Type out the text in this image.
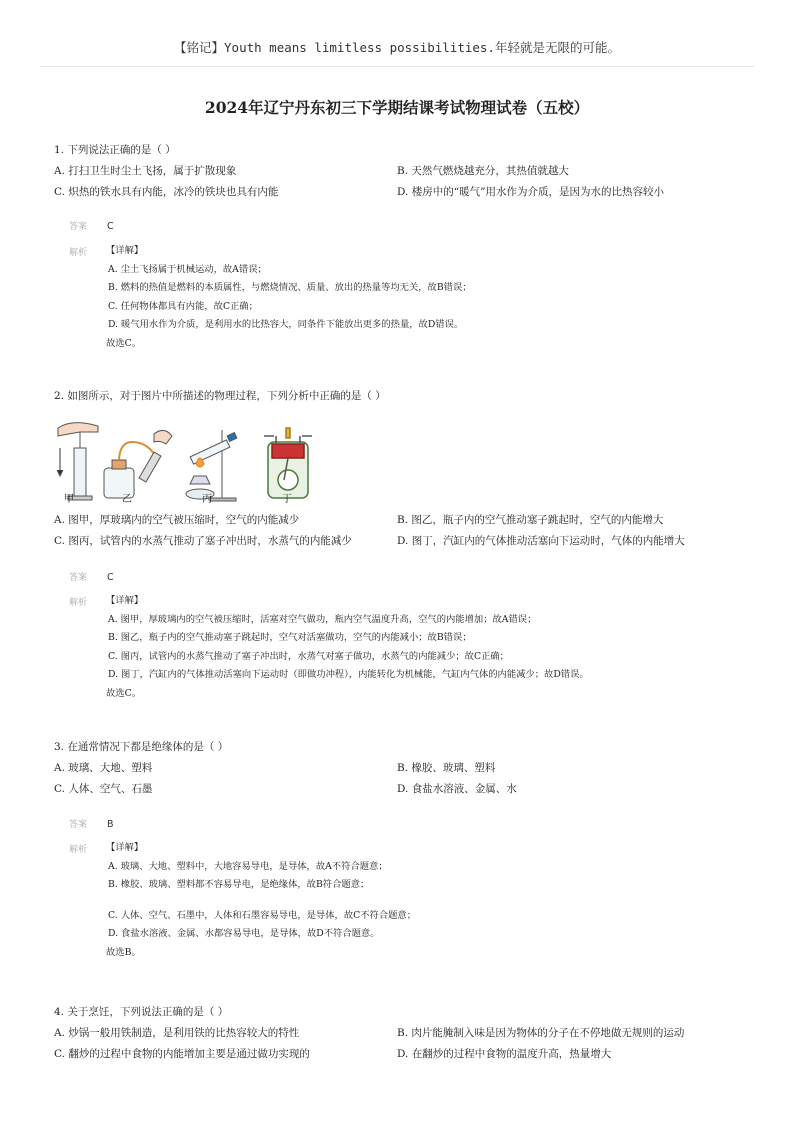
【铭记】Youth means limitless possibilities.年轻就是无限的可能。
2024年辽宁丹东初三下学期结课考试物理试卷（五校）
1. 下列说法正确的是（ ）
A. 打扫卫生时尘土飞扬，属于扩散现象	B. 天然气燃烧越充分，其热值就越大
C. 炽热的铁水具有内能，冰冷的铁块也具有内能	D. 楼房中的“暖气”用水作为介质，是因为水的比热容较小
答案 C
解析 【详解】
A. 尘土飞扬属于机械运动，故A错误；
B. 燃料的热值是燃料的本质属性，与燃烧情况、质量、放出的热量等均无关，故B错误；
C. 任何物体都具有内能，故C正确；
D. 暖气用水作为介质，是利用水的比热容大，同条件下能放出更多的热量，故D错误。
故选C。
2. 如图所示，对于图片中所描述的物理过程，下列分析中正确的是（ ）
甲	乙	丙	丁
A. 图甲，厚玻璃内的空气被压缩时，空气的内能减少	B. 图乙，瓶子内的空气推动塞子跳起时，空气的内能增大
C. 图丙，试管内的水蒸气推动了塞子冲出时，水蒸气的内能减少	D. 图丁，汽缸内的气体推动活塞向下运动时，气体的内能增大
答案 C
解析 【详解】
A. 图甲，厚玻璃内的空气被压缩时，活塞对空气做功，瓶内空气温度升高，空气的内能增加；故A错误；
B. 图乙，瓶子内的空气推动塞子跳起时，空气对活塞做功，空气的内能减小；故B错误；
C. 图丙，试管内的水蒸气推动了塞子冲出时，水蒸气对塞子做功，水蒸气的内能减少；故C正确；
D. 图丁，汽缸内的气体推动活塞向下运动时（即做功冲程），内能转化为机械能，气缸内气体的内能减少；故D错误。
故选C。
3. 在通常情况下都是绝缘体的是（ ）
A. 玻璃、大地、塑料	B. 橡胶、玻璃、塑料
C. 人体、空气、石墨	D. 食盐水溶液、金属、水
答案 B
解析 【详解】
A. 玻璃、大地、塑料中，大地容易导电，是导体，故A不符合题意；
B. 橡胶、玻璃、塑料都不容易导电，是绝缘体，故B符合题意；
C. 人体、空气、石墨中，人体和石墨容易导电，是导体，故C不符合题意；
D. 食盐水溶液、金属、水都容易导电，是导体，故D不符合题意。
故选B。
4. 关于烹饪，下列说法正确的是（ ）
A. 炒锅一般用铁制造，是利用铁的比热容较大的特性	B. 肉片能腌制入味是因为物体的分子在不停地做无规则的运动
C. 翻炒的过程中食物的内能增加主要是通过做功实现的	D. 在翻炒的过程中食物的温度升高，热量增大
